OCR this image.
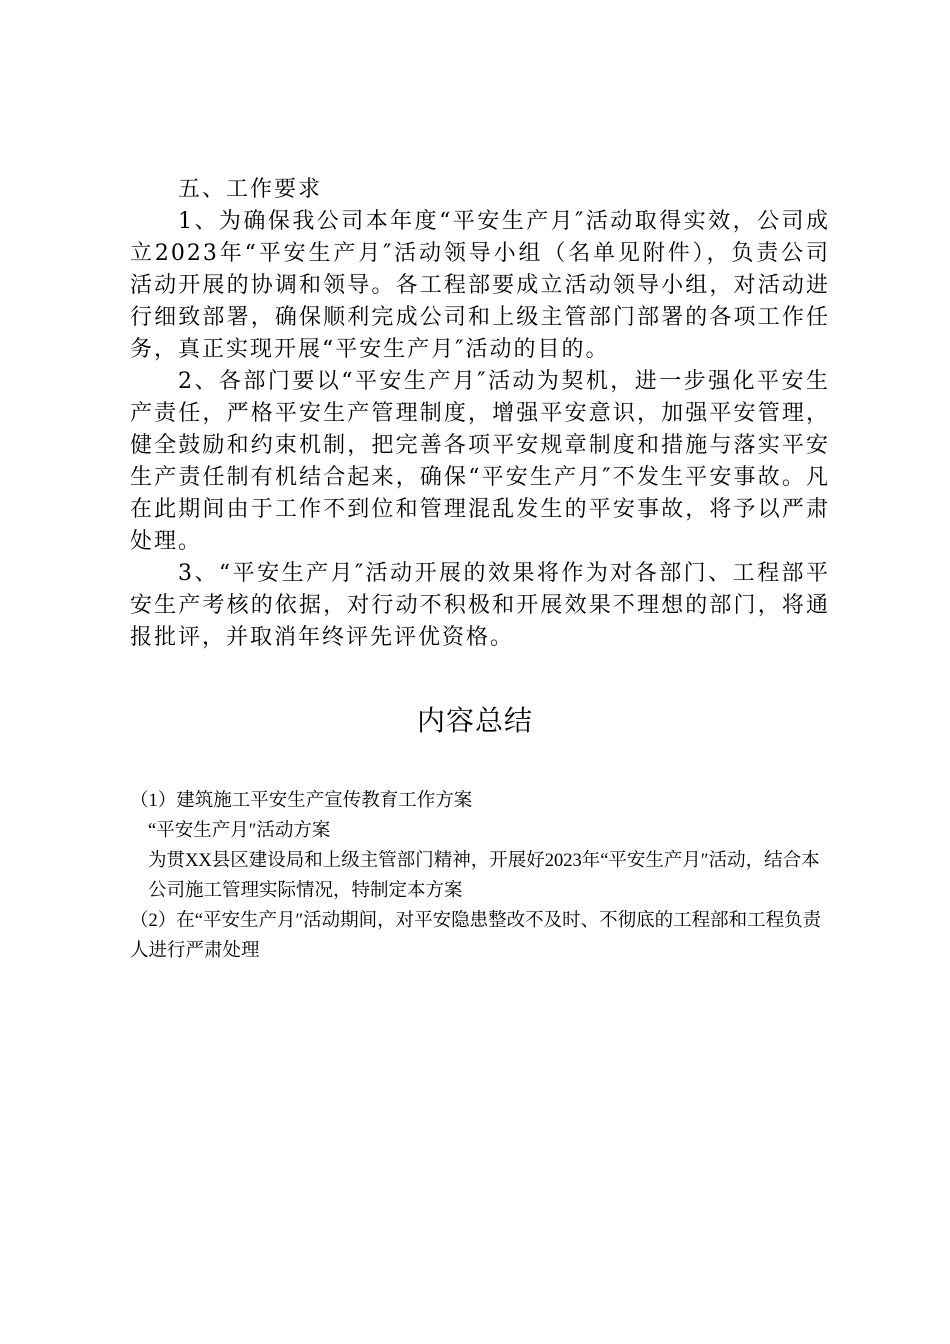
五、工作要求

1、为确保我公司本年度“平安生产月″活动取得实效，公司成立2023年“平安生产月″活动领导小组（名单见附件），负责公司活动开展的协调和领导。各工程部要成立活动领导小组，对活动进行细致部署，确保顺利完成公司和上级主管部门部署的各项工作任务，真正实现开展“平安生产月″活动的目的。

2、各部门要以“平安生产月″活动为契机，进一步强化平安生产责任，严格平安生产管理制度，增强平安意识，加强平安管理，健全鼓励和约束机制，把完善各项平安规章制度和措施与落实平安生产责任制有机结合起来，确保“平安生产月″不发生平安事故。凡在此期间由于工作不到位和管理混乱发生的平安事故，将予以严肃处理。

3、“平安生产月″活动开展的效果将作为对各部门、工程部平安生产考核的依据，对行动不积极和开展效果不理想的部门，将通报批评，并取消年终评先评优资格。

内容总结

（1）建筑施工平安生产宣传教育工作方案

“平安生产月″活动方案

为贯XX县区建设局和上级主管部门精神，开展好2023年“平安生产月″活动，结合本公司施工管理实际情况，特制定本方案

（2）在“平安生产月″活动期间，对平安隐患整改不及时、不彻底的工程部和工程负责人进行严肃处理
